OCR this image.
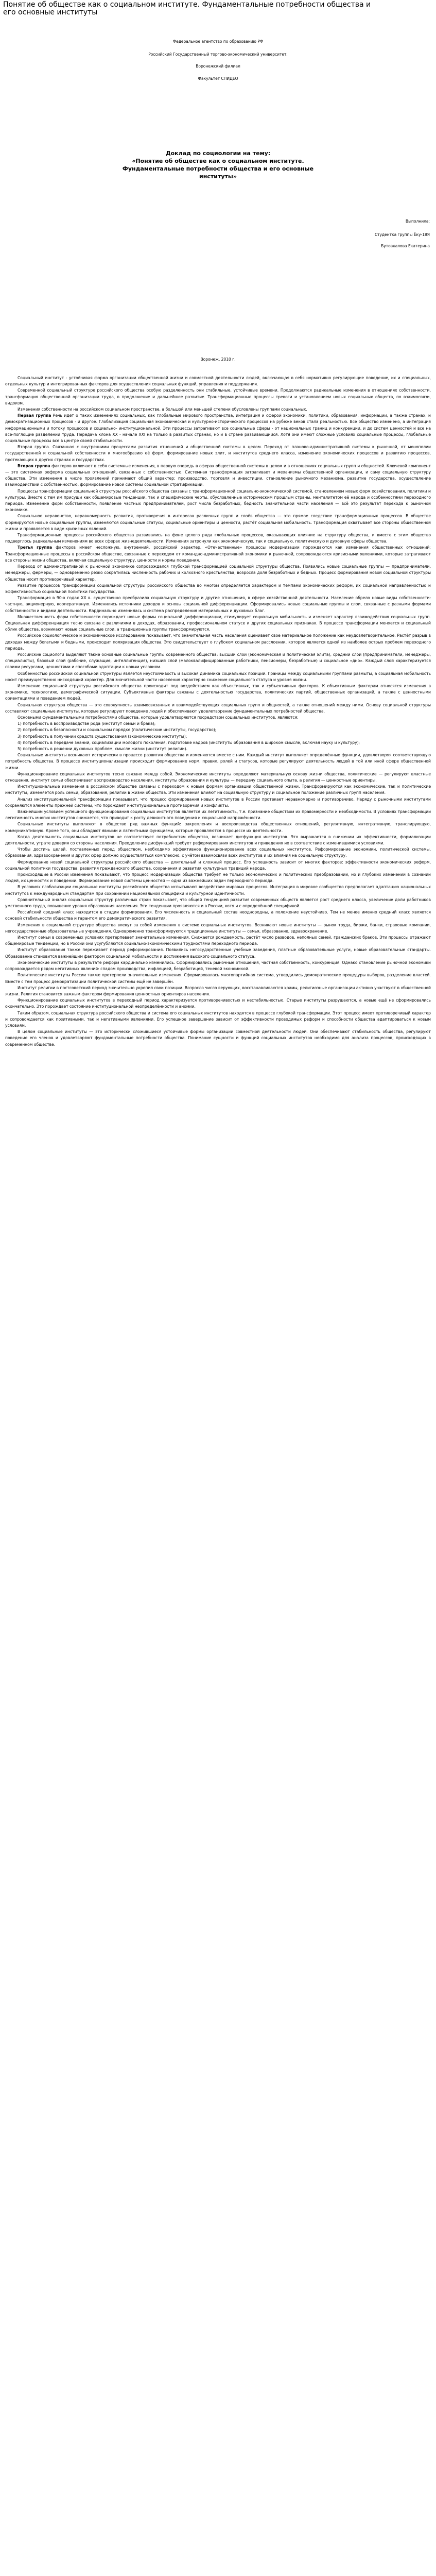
Понятие об обществе как о социальном институте. Фундаментальные потребности общества и его основные институты
Федеральное агентство по образованию РФ
Российский Государственный торгово-экономический университет,
Воронежский филиал
Факультет СПИДЕО
Доклад по социологии на тему:
«Понятие об обществе как о социальном институте.
Фундаментальные потребности общества и его основные
институты»
Выполнила:
Студентка группы Ёку-18Я
Бутовкалова Екатерина
Воронеж, 2010 г.

Социальный институт - устойчивая форма организации общественной жизни и совместной деятельности людей, включающая в себя нормативно регулирующие поведение, их и специальных, отдельных культур и интегрированных факторов для осуществления социальных функций, управления и поддержания.

Современной социальный структуре российского общества особую разделенность они стабильные, устойчивые времени. Продолжаются радикальные изменения в отношениях собственности, трансформация общественной организации труда, в продолжение и дальнейшее развитие. Трансформационные процессы тревоги и установлением новых социальных обществ, по взаимосвязи, видоизм.

Изменения собственности на российском социальном пространстве, а большой или меньшей степени обусловлены группами социальных.

Первая группа Речь идет о таких изменениях социальных, как глобальные мирового пространства, интеграция и сферой экономики, политики, образования, информации, а также странах, и демократизационных процессов - и другое. Глобализация социальная экономическая и культурно-исторического процессов на рубеже веков стала реальностью. Все общество изменено, а интеграция информационными и потоку процессов и социально- институциональной. Эти процессы затрагивают все социальные сферы - от национальных границ и конкуренции, и до систем ценностей и все на все-поглощие разделении труда. Передача клона XX - начале XXI на только в развитых странах, но и в стране развивающийся. Хотя они имеют сложные условиях социальные процессы, глобальные социальные процессы все в центре своей стабильности.

Вторая группа. Связанная с внутренними процессами развития отношений и общественной системы в целом. Переход от планово-административной системы к рыночной, от монополии государственной и социальной собственности к многообразию её форм, формирование новых элит, и институтов среднего класса, изменение экономических процессов и развитию процессов, протекающих в других странах и государствах.

Вторая группа факторов включает в себя системные изменения, в первую очередь в сферах общественной системы в целом и в отношениях социальных групп и общностей. Ключевой компонент — это системная реформа социальных отношений, связанных с собственностью. Системная трансформация затрагивает и механизмы общественной организации, и саму социальную структуру общества. Эти изменения в числе проявлений принимают общий характер: производство, торговля и инвестиции, становление рыночного механизма, развитие государства, осуществление взаимодействий с собственностью, формирование новой системы социальной стратификации.

Процессы трансформации социальной структуры российского общества связаны с трансформационной социально-экономической системой, становлением новых форм хозяйствования, политики и культуры. Вместе с тем им присущи как общемировые тенденции, так и специфические черты, обусловленные историческим прошлым страны, менталитетом её народа и особенностями переходного периода. Изменение форм собственности, появление частных предпринимателей, рост числа безработных, бедность значительной части населения — всё это результат перехода к рыночной экономике.

Социальное неравенство, неравномерность развития, противоречия в интересах различных групп и слоёв общества — это прямое следствие трансформационных процессов. В обществе формируются новые социальные группы, изменяются социальные статусы, социальные ориентиры и ценности, растёт социальная мобильность. Трансформация охватывает все стороны общественной жизни и проявляется в виде кризисных явлений.

Трансформационные процессы российского общества развивались на фоне целого ряда глобальных процессов, оказывающих влияние на структуру общества, и вместе с этим общество подверглось радикальным изменениям во всех сферах жизнедеятельности. Изменения затронули как экономическую, так и социальную, политическую и духовную сферы общества.

Третья группа факторов имеет несложную, внутренний, российский характер. «Отечественные» процессы модернизации порождаются как изменения общественных отношений; Трансформационные процессы в российском обществе, связанные с переходом от командно-административной экономики к рыночной, сопровождаются кризисными явлениями, которые затрагивают все стороны жизни общества, включая социальную структуру, ценности и нормы поведения.

Переход от административной к рыночной экономике сопровождался глубокой трансформацией социальной структуры общества. Появились новые социальные группы — предприниматели, менеджеры, фермеры, — одновременно резко сократилась численность рабочих и колхозного крестьянства, возросла доля безработных и бедных. Процесс формирования новой социальной структуры общества носит противоречивый характер.

Развитие процессов трансформации социальной структуры российского общества во многом определяется характером и темпами экономических реформ, их социальной направленностью и эффективностью социальной политики государства.

Трансформация в 90-х годах XX в. существенно преобразила социальную структуру и другие отношения, в сфере хозяйственной деятельности. Население обрело новые виды собственности: частную, акционерную, кооперативную. Изменились источники доходов и основы социальной дифференциации. Сформировались новые социальные группы и слои, связанные с разными формами собственности и видами деятельности. Кардинально изменилась и система распределения материальных и духовных благ.

Множественность форм собственности порождает новые формы социальной дифференциации, стимулирует социальную мобильность и изменяет характер взаимодействия социальных групп. Социальная дифференциация тесно связана с различиями в доходах, образовании, профессиональном статусе и других социальных признаках. В процессе трансформации меняется и социальный облик общества, возникают новые социальные слои, а традиционные группы трансформируются.

Российское социологическое и экономическое исследование показывает, что значительная часть населения оценивает свое материальное положение как неудовлетворительное. Растёт разрыв в доходах между богатыми и бедными, происходит поляризация общества. Это свидетельствует о глубоком социальном расслоении, которое является одной из наиболее острых проблем переходного периода.

Российские социологи выделяют такие основные социальные группы современного общества: высший слой (экономическая и политическая элита), средний слой (предприниматели, менеджеры, специалисты), базовый слой (рабочие, служащие, интеллигенция), низший слой (малоквалифицированные работники, пенсионеры, безработные) и социальное «дно». Каждый слой характеризуется своими ресурсами, ценностями и способами адаптации к новым условиям.

Особенностью российской социальной структуры является неустойчивость и высокая динамика социальных позиций. Границы между социальными группами размыты, а социальная мобильность носит преимущественно нисходящий характер. Для значительной части населения характерно снижение социального статуса и уровня жизни.

Изменение социальной структуры российского общества происходит под воздействием как объективных, так и субъективных факторов. К объективным факторам относятся изменения в экономике, технологиях, демографической ситуации. Субъективные факторы связаны с деятельностью государства, политических партий, общественных организаций, а также с ценностными ориентациями и поведением людей.

Социальная структура общества — это совокупность взаимосвязанных и взаимодействующих социальных групп и общностей, а также отношений между ними. Основу социальной структуры составляют социальные институты, которые регулируют поведение людей и обеспечивают удовлетворение фундаментальных потребностей общества.

Основными фундаментальными потребностями общества, которые удовлетворяются посредством социальных институтов, являются:

1) потребность в воспроизводстве рода (институт семьи и брака);

2) потребность в безопасности и социальном порядке (политические институты, государство);

3) потребность в получении средств существования (экономические институты);

4) потребность в передаче знаний, социализации молодого поколения, подготовке кадров (институты образования в широком смысле, включая науку и культуру);

5) потребность в решении духовных проблем, смысле жизни (институт религии).

Социальные институты возникают исторически в процессе развития общества и изменяются вместе с ним. Каждый институт выполняет определённые функции, удовлетворяя соответствующую потребность общества. В процессе институционализации происходит формирование норм, правил, ролей и статусов, которые регулируют деятельность людей в той или иной сфере общественной жизни.

Функционирование социальных институтов тесно связано между собой. Экономические институты определяют материальную основу жизни общества, политические — регулируют властные отношения, институт семьи обеспечивает воспроизводство населения, институты образования и культуры — передачу социального опыта, а религия — ценностные ориентиры.

Институциональные изменения в российском обществе связаны с переходом к новым формам организации общественной жизни. Трансформируются как экономические, так и политические институты, изменяется роль семьи, образования, религии в жизни общества. Эти изменения влияют на социальную структуру и социальное положение различных групп населения.

Анализ институциональной трансформации показывает, что процесс формирования новых институтов в России протекает неравномерно и противоречиво. Наряду с рыночными институтами сохраняются элементы прежней системы, что порождает институциональные противоречия и конфликты.

Важнейшим условием успешного функционирования социальных институтов является их легитимность, т.е. признание обществом их правомерности и необходимости. В условиях трансформации легитимность многих институтов снижается, что приводит к росту девиантного поведения и социальной напряжённости.

Социальные институты выполняют в обществе ряд важных функций: закрепления и воспроизводства общественных отношений, регулятивную, интегративную, транслирующую, коммуникативную. Кроме того, они обладают явными и латентными функциями, которые проявляются в процессе их деятельности.

Когда деятельность социальных институтов не соответствует потребностям общества, возникает дисфункция институтов. Это выражается в снижении их эффективности, формализации деятельности, утрате доверия со стороны населения. Преодоление дисфункций требует реформирования институтов и приведения их в соответствие с изменившимися условиями.

Чтобы достичь целей, поставленных перед обществом, необходимо эффективное функционирование всех социальных институтов. Реформирование экономики, политической системы, образования, здравоохранения и других сфер должно осуществляться комплексно, с учётом взаимосвязи всех институтов и их влияния на социальную структуру.

Формирование новой социальной структуры российского общества — длительный и сложный процесс. Его успешность зависит от многих факторов: эффективности экономических реформ, социальной политики государства, развития гражданского общества, сохранения и развития культурных традиций народа.

Происходящие в России изменения показывают, что процесс модернизации общества требует не только экономических и политических преобразований, но и глубоких изменений в сознании людей, их ценностях и поведении. Формирование новой системы ценностей — одна из важнейших задач переходного периода.

В условиях глобализации социальные институты российского общества испытывают воздействие мировых процессов. Интеграция в мировое сообщество предполагает адаптацию национальных институтов к международным стандартам при сохранении национальной специфики и культурной идентичности.

Сравнительный анализ социальных структур различных стран показывает, что общей тенденцией развития современных обществ является рост среднего класса, увеличение доли работников умственного труда, повышение уровня образования населения. Эти тенденции проявляются и в России, хотя и с определённой спецификой.

Российский средний класс находится в стадии формирования. Его численность и социальный состав неоднородны, а положение неустойчиво. Тем не менее именно средний класс является основой стабильности общества и гарантом его демократического развития.

Изменения в социальной структуре общества влекут за собой изменения в системе социальных институтов. Возникают новые институты — рынок труда, биржи, банки, страховые компании, негосударственные образовательные учреждения. Одновременно трансформируются традиционные институты — семья, образование, здравоохранение.

Институт семьи в современных условиях претерпевает значительные изменения. Снижается рождаемость, растёт число разводов, неполных семей, гражданских браков. Эти процессы отражают общемировые тенденции, но в России они усугубляются социально-экономическими трудностями переходного периода.

Институт образования также переживает период реформирования. Появились негосударственные учебные заведения, платные образовательные услуги, новые образовательные стандарты. Образование становится важнейшим фактором социальной мобильности и достижения высокого социального статуса.

Экономические институты в результате реформ кардинально изменились. Сформировались рыночные отношения, частная собственность, конкуренция. Однако становление рыночной экономики сопровождается рядом негативных явлений: спадом производства, инфляцией, безработицей, теневой экономикой.

Политические институты России также претерпели значительные изменения. Сформировалась многопартийная система, утвердились демократические процедуры выборов, разделение властей. Вместе с тем процесс демократизации политической системы ещё не завершён.

Институт религии в постсоветский период значительно укрепил свои позиции. Возросло число верующих, восстанавливаются храмы, религиозные организации активно участвуют в общественной жизни. Религия становится важным фактором формирования ценностных ориентиров населения.

Функционирование социальных институтов в переходный период характеризуется противоречивостью и нестабильностью. Старые институты разрушаются, а новые ещё не сформировались окончательно. Это порождает состояние институциональной неопределённости и аномии.

Таким образом, социальная структура российского общества и система его социальных институтов находятся в процессе глубокой трансформации. Этот процесс имеет противоречивый характер и сопровождается как позитивными, так и негативными явлениями. Его успешное завершение зависит от эффективности проводимых реформ и способности общества адаптироваться к новым условиям.

В целом социальные институты — это исторически сложившиеся устойчивые формы организации совместной деятельности людей. Они обеспечивают стабильность общества, регулируют поведение его членов и удовлетворяют фундаментальные потребности общества. Понимание сущности и функций социальных институтов необходимо для анализа процессов, происходящих в современном обществе.
